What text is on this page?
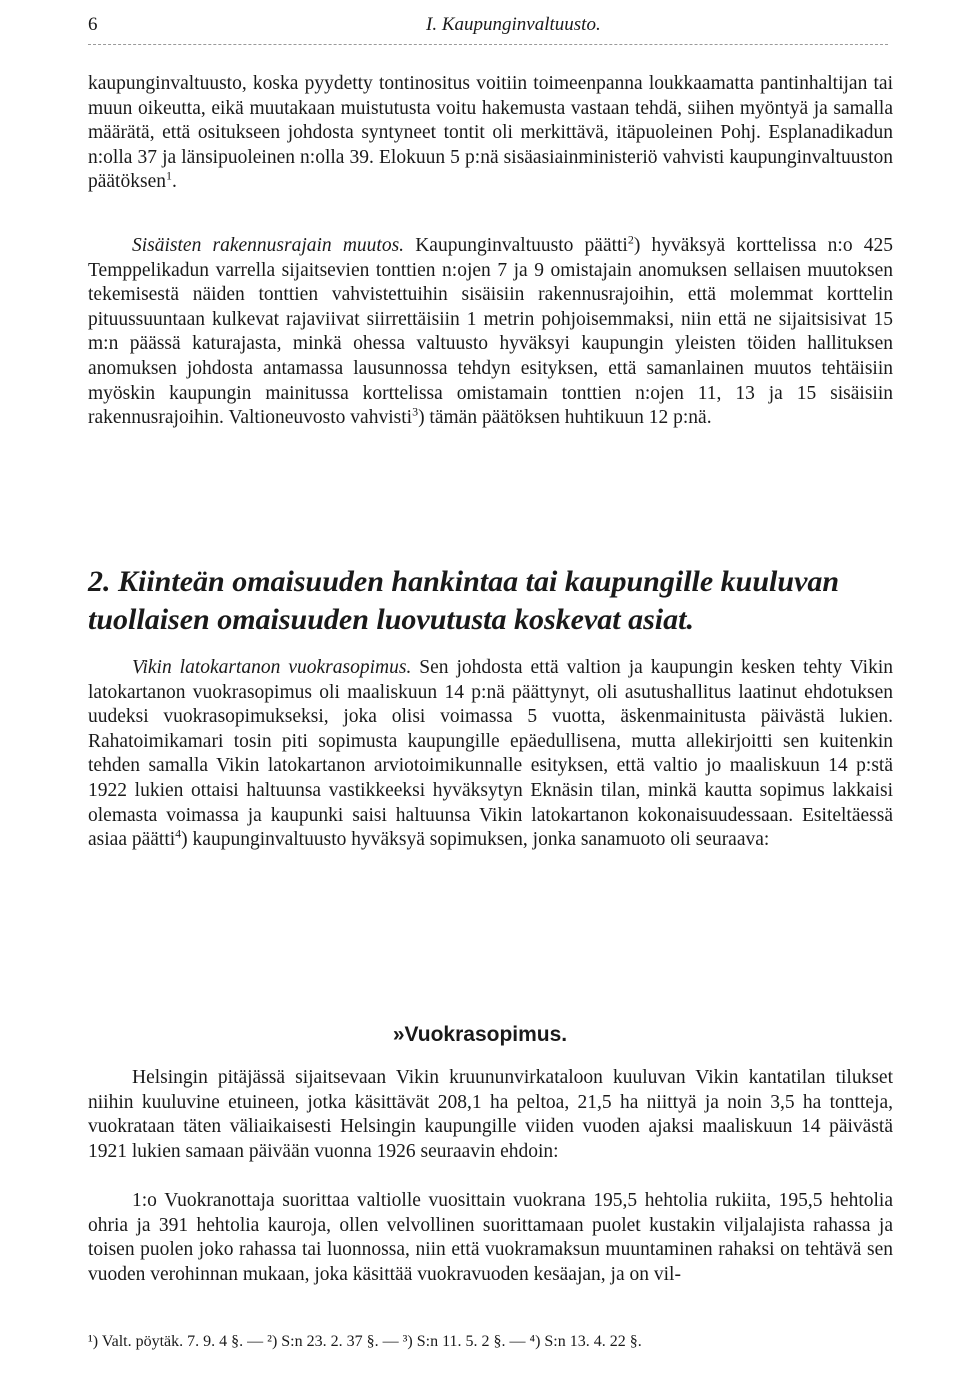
6	I. Kaupunginvaltuusto.

kaupunginvaltuusto, koska pyydetty tontinositus voitiin toimeenpanna loukkaamatta pantinhaltijan tai muun oikeutta, eikä muutakaan muistutusta voitu hakemusta vastaan tehdä, siihen myöntyä ja samalla määrätä, että ositukseen johdosta syntyneet tontit oli merkittävä, itäpuoleinen Pohj. Esplanadikadun n:olla 37 ja länsipuoleinen n:olla 39. Elokuun 5 p:nä sisäasiainministeriö vahvisti kaupunginvaltuuston päätöksen$^1$.

Sisäisten rakennusrajain muutos. Kaupunginvaltuusto päätti$^2$) hyväksyä korttelissa n:o 425 Temppelikadun varrella sijaitsevien tonttien n:ojen 7 ja 9 omistajain anomuksen sellaisen muutoksen tekemisestä näiden tonttien vahvistettuihin sisäisiin rakennusrajoihin, että molemmat korttelin pituussuuntaan kulkevat rajaviivat siirrettäisiin 1 metrin pohjoisemmaksi, niin että ne sijaitsisivat 15 m:n päässä katurajasta, minkä ohessa valtuusto hyväksyi kaupungin yleisten töiden hallituksen anomuksen johdosta antamassa lausunnossa tehdyn esityksen, että samanlainen muutos tehtäisiin myöskin kaupungin mainitussa korttelissa omistamain tonttien n:ojen 11, 13 ja 15 sisäisiin rakennusrajoihin. Valtioneuvosto vahvisti$^3$) tämän päätöksen huhtikuun 12 p:nä.

2. Kiinteän omaisuuden hankintaa tai kaupungille kuuluvan tuollaisen omaisuuden luovutusta koskevat asiat.

Vikin latokartanon vuokrasopimus. Sen johdosta että valtion ja kaupungin kesken tehty Vikin latokartanon vuokrasopimus oli maaliskuun 14 p:nä päättynyt, oli asutushallitus laatinut ehdotuksen uudeksi vuokrasopimukseksi, joka olisi voimassa 5 vuotta, äskenmainitusta päivästä lukien. Rahatoimikamari tosin piti sopimusta kaupungille epäedullisena, mutta allekirjoitti sen kuitenkin tehden samalla Vikin latokartanon arviotoimikunnalle esityksen, että valtio jo maaliskuun 14 p:stä 1922 lukien ottaisi haltuunsa vastikkeeksi hyväksytyn Eknäsin tilan, minkä kautta sopimus lakkaisi olemasta voimassa ja kaupunki saisi haltuunsa Vikin latokartanon kokonaisuudessaan. Esiteltäessä asiaa päätti$^4$) kaupunginvaltuusto hyväksyä sopimuksen, jonka sanamuoto oli seuraava:

»Vuokrasopimus.

Helsingin pitäjässä sijaitsevaan Vikin kruununvirkataloon kuuluvan Vikin kantatilan tilukset niihin kuuluvine etuineen, jotka käsittävät 208,1 ha peltoa, 21,5 ha niittyä ja noin 3,5 ha tontteja, vuokrataan täten väliaikaisesti Helsingin kaupungille viiden vuoden ajaksi maaliskuun 14 päivästä 1921 lukien samaan päivään vuonna 1926 seuraavin ehdoin:

1:o Vuokranottaja suorittaa valtiolle vuosittain vuokrana 195,5 hehtolia rukiita, 195,5 hehtolia ohria ja 391 hehtolia kauroja, ollen velvollinen suorittamaan puolet kustakin viljalajista rahassa ja toisen puolen joko rahassa tai luonnossa, niin että vuokramaksun muuntaminen rahaksi on tehtävä sen vuoden verohinnan mukaan, joka käsittää vuokravuoden kesäajan, ja on vil-

¹) Valt. pöytäk. 7. 9. 4 §. — ²) S:n 23. 2. 37 §. — ³) S:n 11. 5. 2 §. — ⁴) S:n 13. 4. 22 §.
